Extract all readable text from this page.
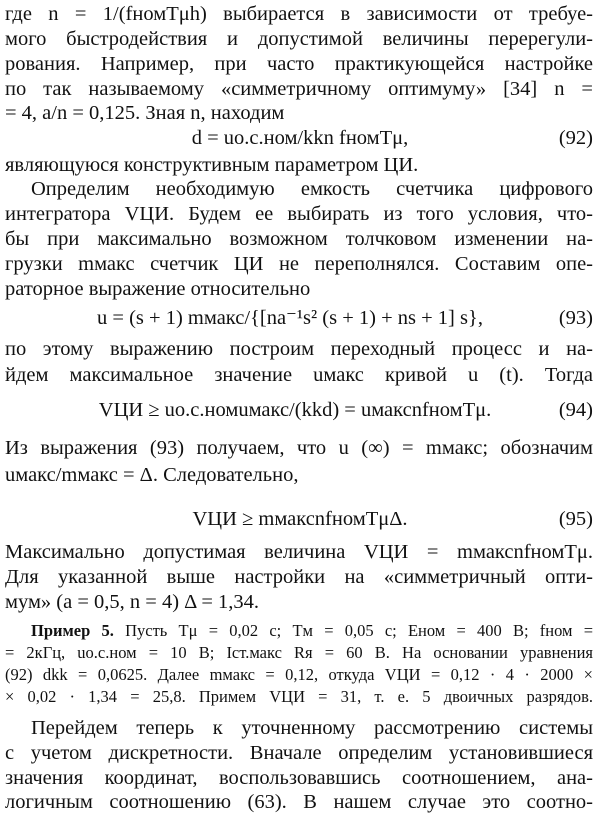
где n = 1/(fномTμh) выбирается в зависимости от требуе-
мого быстродействия и допустимой величины перерегули-
рования. Например, при часто практикующейся настройке
по так называемому «симметричному оптимуму» [34] n =
= 4, a/n = 0,125. Зная n, находим
d = uо.с.ном/kkn fномTμ,	(92)
являющуюся конструктивным параметром ЦИ.
Определим необходимую емкость счетчика цифрового
интегратора VЦИ. Будем ее выбирать из того условия, что-
бы при максимально возможном толчковом изменении на-
грузки mмакс счетчик ЦИ не переполнялся. Составим опе-
раторное выражение относительно
u = (s + 1) mмакс/{[na⁻¹s² (s + 1) + ns + 1] s},	(93)
по этому выражению построим переходный процесс и на-
йдем максимальное значение uмакс кривой u (t). Тогда
VЦИ ≥ uо.с.номuмакс/(kkd) = uмаксnfномTμ.	(94)
Из выражения (93) получаем, что u (∞) = mмакс; обозначим
uмакс/mмакс = Δ. Следовательно,
VЦИ ≥ mмаксnfномTμΔ.	(95)
Максимально допустимая величина VЦИ = mмаксnfномTμ.
Для указанной выше настройки на «симметричный опти-
мум» (a = 0,5, n = 4) Δ = 1,34.
Пример 5. Пусть Tμ = 0,02 с; Tм = 0,05 с; Eном = 400 В; fном =
= 2кГц, uо.с.ном = 10 В; Iст.макс Rя = 60 В. На основании уравнения
(92) dkk = 0,0625. Далее mмакс = 0,12, откуда VЦИ = 0,12 · 4 · 2000 ×
× 0,02 · 1,34 = 25,8. Примем VЦИ = 31, т. е. 5 двоичных разрядов.
Перейдем теперь к уточненному рассмотрению системы
с учетом дискретности. Вначале определим установившиеся
значения координат, воспользовавшись соотношением, ана-
логичным соотношению (63). В нашем случае это соотно-
